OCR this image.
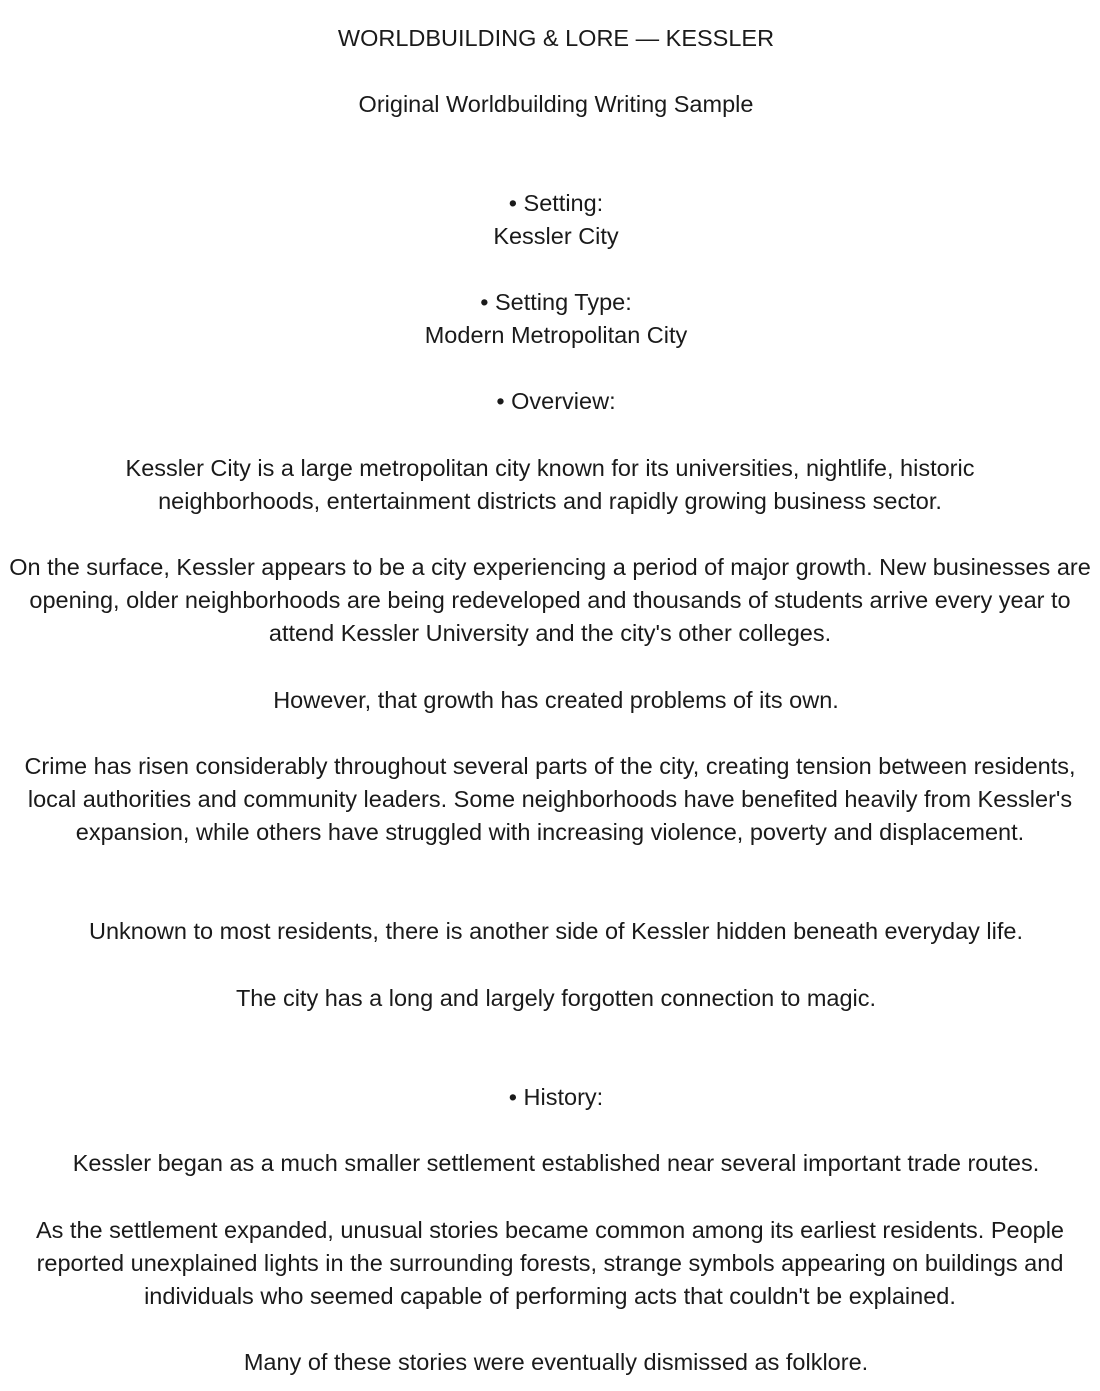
WORLDBUILDING & LORE — KESSLER

Original Worldbuilding Writing Sample

• Setting:

Kessler City

• Setting Type:

Modern Metropolitan City

• Overview:

Kessler City is a large metropolitan city known for its universities, nightlife, historic neighborhoods, entertainment districts and rapidly growing business sector.

On the surface, Kessler appears to be a city experiencing a period of major growth. New businesses are opening, older neighborhoods are being redeveloped and thousands of students arrive every year to attend Kessler University and the city's other colleges.

However, that growth has created problems of its own.

Crime has risen considerably throughout several parts of the city, creating tension between residents, local authorities and community leaders. Some neighborhoods have benefited heavily from Kessler's expansion, while others have struggled with increasing violence, poverty and displacement.

Unknown to most residents, there is another side of Kessler hidden beneath everyday life.

The city has a long and largely forgotten connection to magic.

• History:

Kessler began as a much smaller settlement established near several important trade routes.

As the settlement expanded, unusual stories became common among its earliest residents. People reported unexplained lights in the surrounding forests, strange symbols appearing on buildings and individuals who seemed capable of performing acts that couldn't be explained.

Many of these stories were eventually dismissed as folklore.
